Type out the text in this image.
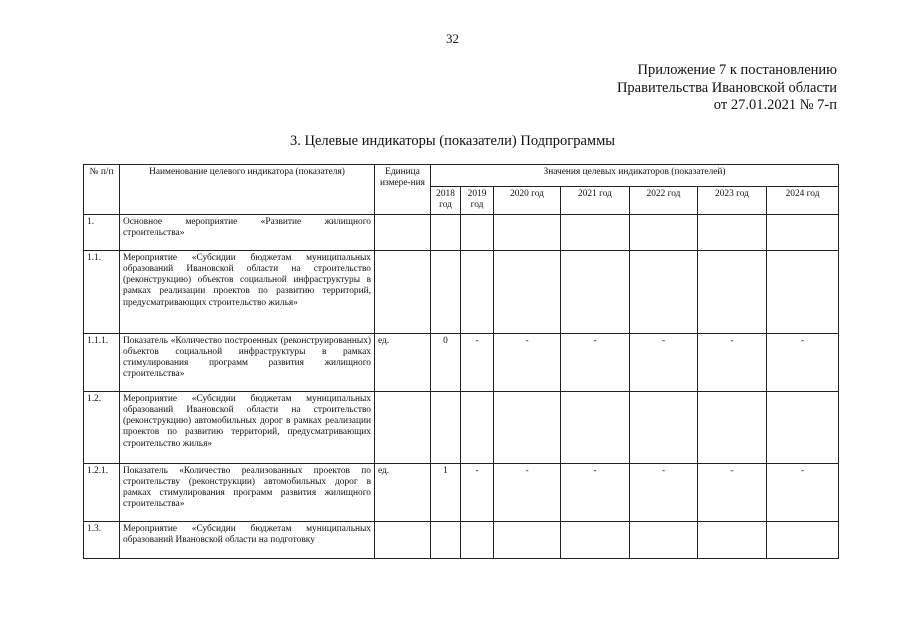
32
Приложение 7 к постановлению
Правительства Ивановской области
от 27.01.2021 № 7-п
3. Целевые индикаторы (показатели) Подпрограммы
№ п/п	Наименование целевого индикатора (показателя)	Единица измере-ния	Значения целевых индикаторов (показателей)						
			2018 год	2019 год	2020 год	2021 год	2022 год	2023 год	2024 год
1.	Основное мероприятие «Развитие жилищного строительства»								
1.1.	Мероприятие «Субсидии бюджетам муниципальных образований Ивановской области на строительство (реконструкцию) объектов социальной инфраструктуры в рамках реализации проектов по развитию территорий, предусматривающих строительство жилья»								
1.1.1.	Показатель «Количество построенных (реконструированных) объектов социальной инфраструктуры в рамках стимулирования программ развития жилищного строительства»	ед.	0	-	-	-	-	-	-
1.2.	Мероприятие «Субсидии бюджетам муниципальных образований Ивановской области на строительство (реконструкцию) автомобильных дорог в рамках реализации проектов по развитию территорий, предусматривающих строительство жилья»								
1.2.1.	Показатель «Количество реализованных проектов по строительству (реконструкции) автомобильных дорог в рамках стимулирования программ развития жилищного строительства»	ед.	1	-	-	-	-	-	-
1.3.	Мероприятие «Субсидии бюджетам муниципальных образований Ивановской области на подготовку								
